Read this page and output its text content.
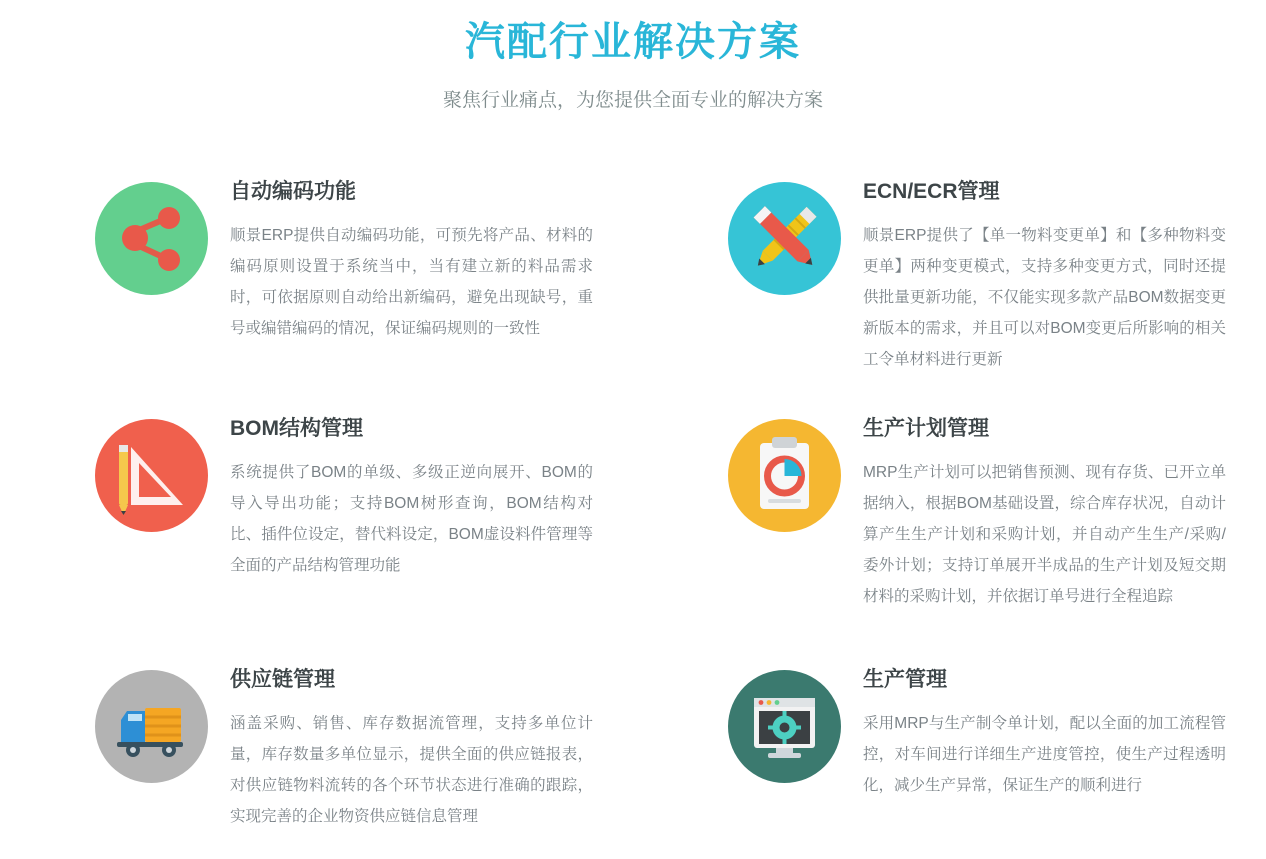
汽配行业解决方案

聚焦行业痛点，为您提供全面专业的解决方案

自动编码功能

顺景ERP提供自动编码功能，可预先将产品、材料的编码原则设置于系统当中，当有建立新的料品需求时，可依据原则自动给出新编码，避免出现缺号，重号或编错编码的情况，保证编码规则的一致性

ECN/ECR管理

顺景ERP提供了【单一物料变更单】和【多种物料变更单】两种变更模式，支持多种变更方式，同时还提供批量更新功能，不仅能实现多款产品BOM数据变更新版本的需求，并且可以对BOM变更后所影响的相关工令单材料进行更新

BOM结构管理

系统提供了BOM的单级、多级正逆向展开、BOM的导入导出功能；支持BOM树形查询，BOM结构对比、插件位设定，替代料设定，BOM虚设料件管理等全面的产品结构管理功能

生产计划管理

MRP生产计划可以把销售预测、现有存货、已开立单据纳入，根据BOM基础设置，综合库存状况，自动计算产生生产计划和采购计划，并自动产生生产/采购/委外计划；支持订单展开半成品的生产计划及短交期材料的采购计划，并依据订单号进行全程追踪

供应链管理

涵盖采购、销售、库存数据流管理，支持多单位计量，库存数量多单位显示，提供全面的供应链报表，对供应链物料流转的各个环节状态进行准确的跟踪，实现完善的企业物资供应链信息管理

生产管理

采用MRP与生产制令单计划，配以全面的加工流程管控，对车间进行详细生产进度管控，使生产过程透明化，减少生产异常，保证生产的顺利进行
